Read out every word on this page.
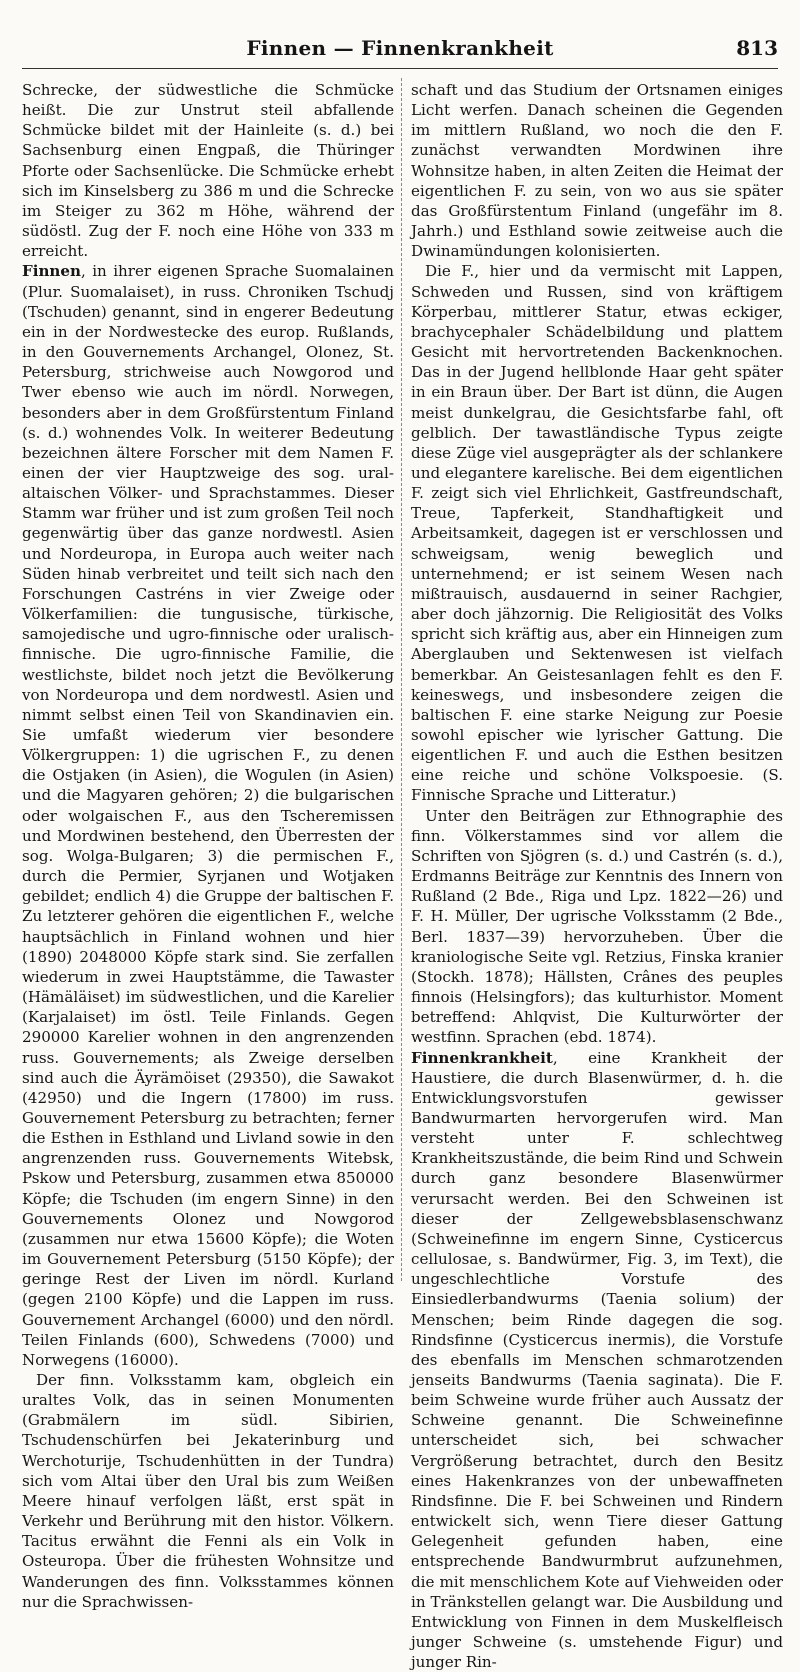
Finnen — Finnenkrankheit	813

Schrecke, der südwestliche die Schmücke heißt. Die zur Unstrut steil abfallende Schmücke bildet mit der Hainleite (s. d.) bei Sachsenburg einen Engpaß, die Thüringer Pforte oder Sachsenlücke. Die Schmücke erhebt sich im Kinselsberg zu 386 m und die Schrecke im Steiger zu 362 m Höhe, während der südöstl. Zug der F. noch eine Höhe von 333 m erreicht.

Finnen, in ihrer eigenen Sprache Suomalainen (Plur. Suomalaiset), in russ. Chroniken Tschudj (Tschuden) genannt, sind in engerer Bedeutung ein in der Nordwestecke des europ. Rußlands, in den Gouvernements Archangel, Olonez, St. Petersburg, strichweise auch Nowgorod und Twer ebenso wie auch im nördl. Norwegen, besonders aber in dem Großfürstentum Finland (s. d.) wohnendes Volk. In weiterer Bedeutung bezeichnen ältere Forscher mit dem Namen F. einen der vier Hauptzweige des sog. ural-altaischen Völker- und Sprachstammes. Dieser Stamm war früher und ist zum großen Teil noch gegenwärtig über das ganze nordwestl. Asien und Nordeuropa, in Europa auch weiter nach Süden hinab verbreitet und teilt sich nach den Forschungen Castréns in vier Zweige oder Völkerfamilien: die tungusische, türkische, samojedische und ugro-finnische oder uralisch-finnische. Die ugro-finnische Familie, die westlichste, bildet noch jetzt die Bevölkerung von Nordeuropa und dem nordwestl. Asien und nimmt selbst einen Teil von Skandinavien ein. Sie umfaßt wiederum vier besondere Völkergruppen: 1) die ugrischen F., zu denen die Ostjaken (in Asien), die Wogulen (in Asien) und die Magyaren gehören; 2) die bulgarischen oder wolgaischen F., aus den Tscheremissen und Mordwinen bestehend, den Überresten der sog. Wolga-Bulgaren; 3) die permischen F., durch die Permier, Syrjanen und Wotjaken gebildet; endlich 4) die Gruppe der baltischen F. Zu letzterer gehören die eigentlichen F., welche hauptsächlich in Finland wohnen und hier (1890) 2048000 Köpfe stark sind. Sie zerfallen wiederum in zwei Hauptstämme, die Tawaster (Hämäläiset) im südwestlichen, und die Karelier (Karjalaiset) im östl. Teile Finlands. Gegen 290000 Karelier wohnen in den angrenzenden russ. Gouvernements; als Zweige derselben sind auch die Äyrämöiset (29350), die Sawakot (42950) und die Ingern (17800) im russ. Gouvernement Petersburg zu betrachten; ferner die Esthen in Esthland und Livland sowie in den angrenzenden russ. Gouvernements Witebsk, Pskow und Petersburg, zusammen etwa 850000 Köpfe; die Tschuden (im engern Sinne) in den Gouvernements Olonez und Nowgorod (zusammen nur etwa 15600 Köpfe); die Woten im Gouvernement Petersburg (5150 Köpfe); der geringe Rest der Liven im nördl. Kurland (gegen 2100 Köpfe) und die Lappen im russ. Gouvernement Archangel (6000) und den nördl. Teilen Finlands (600), Schwedens (7000) und Norwegens (16000).

Der finn. Volksstamm kam, obgleich ein uraltes Volk, das in seinen Monumenten (Grabmälern im südl. Sibirien, Tschudenschürfen bei Jekaterinburg und Werchoturije, Tschudenhütten in der Tundra) sich vom Altai über den Ural bis zum Weißen Meere hinauf verfolgen läßt, erst spät in Verkehr und Berührung mit den histor. Völkern. Tacitus erwähnt die Fenni als ein Volk in Osteuropa. Über die frühesten Wohnsitze und Wanderungen des finn. Volksstammes können nur die Sprachwissen-

schaft und das Studium der Ortsnamen einiges Licht werfen. Danach scheinen die Gegenden im mittlern Rußland, wo noch die den F. zunächst verwandten Mordwinen ihre Wohnsitze haben, in alten Zeiten die Heimat der eigentlichen F. zu sein, von wo aus sie später das Großfürstentum Finland (ungefähr im 8. Jahrh.) und Esthland sowie zeitweise auch die Dwinamündungen kolonisierten.

Die F., hier und da vermischt mit Lappen, Schweden und Russen, sind von kräftigem Körperbau, mittlerer Statur, etwas eckiger, brachycephaler Schädelbildung und plattem Gesicht mit hervortretenden Backenknochen. Das in der Jugend hellblonde Haar geht später in ein Braun über. Der Bart ist dünn, die Augen meist dunkelgrau, die Gesichtsfarbe fahl, oft gelblich. Der tawastländische Typus zeigte diese Züge viel ausgeprägter als der schlankere und elegantere karelische. Bei dem eigentlichen F. zeigt sich viel Ehrlichkeit, Gastfreundschaft, Treue, Tapferkeit, Standhaftigkeit und Arbeitsamkeit, dagegen ist er verschlossen und schweigsam, wenig beweglich und unternehmend; er ist seinem Wesen nach mißtrauisch, ausdauernd in seiner Rachgier, aber doch jähzornig. Die Religiosität des Volks spricht sich kräftig aus, aber ein Hinneigen zum Aberglauben und Sektenwesen ist vielfach bemerkbar. An Geistesanlagen fehlt es den F. keineswegs, und insbesondere zeigen die baltischen F. eine starke Neigung zur Poesie sowohl epischer wie lyrischer Gattung. Die eigentlichen F. und auch die Esthen besitzen eine reiche und schöne Volkspoesie. (S. Finnische Sprache und Litteratur.)

Unter den Beiträgen zur Ethnographie des finn. Völkerstammes sind vor allem die Schriften von Sjögren (s. d.) und Castrén (s. d.), Erdmanns Beiträge zur Kenntnis des Innern von Rußland (2 Bde., Riga und Lpz. 1822—26) und F. H. Müller, Der ugrische Volksstamm (2 Bde., Berl. 1837—39) hervorzuheben. Über die kraniologische Seite vgl. Retzius, Finska kranier (Stockh. 1878); Hällsten, Crânes des peuples finnois (Helsingfors); das kulturhistor. Moment betreffend: Ahlqvist, Die Kulturwörter der westfinn. Sprachen (ebd. 1874).

Finnenkrankheit, eine Krankheit der Haustiere, die durch Blasenwürmer, d. h. die Entwicklungsvorstufen gewisser Bandwurmarten hervorgerufen wird. Man versteht unter F. schlechtweg Krankheitszustände, die beim Rind und Schwein durch ganz besondere Blasenwürmer verursacht werden. Bei den Schweinen ist dieser der Zellgewebsblasenschwanz (Schweinefinne im engern Sinne, Cysticercus cellulosae, s. Bandwürmer, Fig. 3, im Text), die ungeschlechtliche Vorstufe des Einsiedlerbandwurms (Taenia solium) der Menschen; beim Rinde dagegen die sog. Rindsfinne (Cysticercus inermis), die Vorstufe des ebenfalls im Menschen schmarotzenden jenseits Bandwurms (Taenia saginata). Die F. beim Schweine wurde früher auch Aussatz der Schweine genannt. Die Schweinefinne unterscheidet sich, bei schwacher Vergrößerung betrachtet, durch den Besitz eines Hakenkranzes von der unbewaffneten Rindsfinne. Die F. bei Schweinen und Rindern entwickelt sich, wenn Tiere dieser Gattung Gelegenheit gefunden haben, eine entsprechende Bandwurmbrut aufzunehmen, die mit menschlichem Kote auf Viehweiden oder in Tränkstellen gelangt war. Die Ausbildung und Entwicklung von Finnen in dem Muskelfleisch junger Schweine (s. umstehende Figur) und junger Rin-
